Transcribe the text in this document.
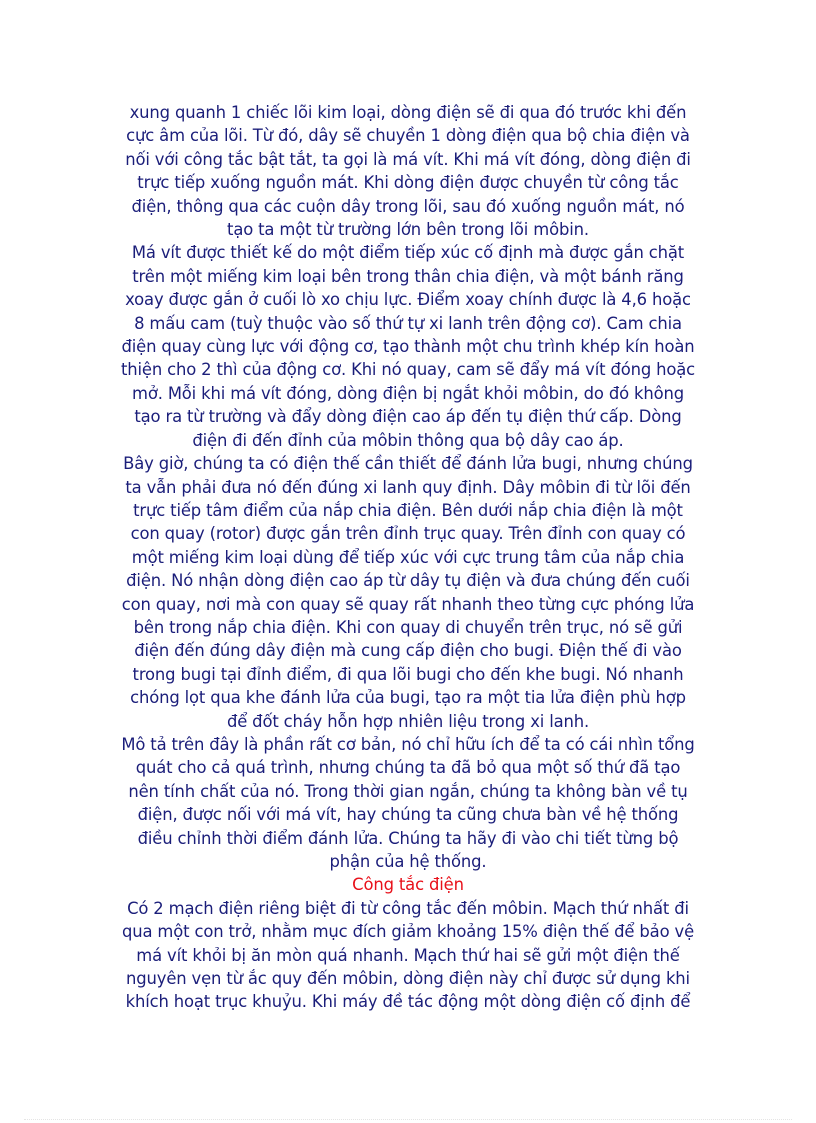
xung quanh 1 chiếc lõi kim loại, dòng điện sẽ đi qua đó trước khi đến
cực âm của lõi. Từ đó, dây sẽ chuyền 1 dòng điện qua bộ chia điện và
nối với công tắc bật tắt, ta gọi là má vít. Khi má vít đóng, dòng điện đi
trực tiếp xuống nguồn mát. Khi dòng điện được chuyền từ công tắc
điện, thông qua các cuộn dây trong lõi, sau đó xuống nguồn mát, nó
tạo ta một từ trường lớn bên trong lõi môbin.
Má vít được thiết kế do một điểm tiếp xúc cố định mà được gắn chặt
trên một miếng kim loại bên trong thân chia điện, và một bánh răng
xoay được gắn ở cuối lò xo chịu lực. Điểm xoay chính được là 4,6 hoặc
8 mấu cam (tuỳ thuộc vào số thứ tự xi lanh trên động cơ). Cam chia
điện quay cùng lực với động cơ, tạo thành một chu trình khép kín hoàn
thiện cho 2 thì của động cơ. Khi nó quay, cam sẽ đẩy má vít đóng hoặc
mở. Mỗi khi má vít đóng, dòng điện bị ngắt khỏi môbin, do đó không
tạo ra từ trường và đẩy dòng điện cao áp đến tụ điện thứ cấp. Dòng
điện đi đến đỉnh của môbin thông qua bộ dây cao áp.
Bây giờ, chúng ta có điện thế cần thiết để đánh lửa bugi, nhưng chúng
ta vẫn phải đưa nó đến đúng xi lanh quy định. Dây môbin đi từ lõi đến
trực tiếp tâm điểm của nắp chia điện. Bên dưới nắp chia điện là một
con quay (rotor) được gắn trên đỉnh trục quay. Trên đỉnh con quay có
một miếng kim loại dùng để tiếp xúc với cực trung tâm của nắp chia
điện. Nó nhận dòng điện cao áp từ dây tụ điện và đưa chúng đến cuối
con quay, nơi mà con quay sẽ quay rất nhanh theo từng cực phóng lửa
bên trong nắp chia điện. Khi con quay di chuyển trên trục, nó sẽ gửi
điện đến đúng dây điện mà cung cấp điện cho bugi. Điện thế đi vào
trong bugi tại đỉnh điểm, đi qua lõi bugi cho đến khe bugi. Nó nhanh
chóng lọt qua khe đánh lửa của bugi, tạo ra một tia lửa điện phù hợp
để đốt cháy hỗn hợp nhiên liệu trong xi lanh.
Mô tả trên đây là phần rất cơ bản, nó chỉ hữu ích để ta có cái nhìn tổng
quát cho cả quá trình, nhưng chúng ta đã bỏ qua một số thứ đã tạo
nên tính chất của nó. Trong thời gian ngắn, chúng ta không bàn về tụ
điện, được nối với má vít, hay chúng ta cũng chưa bàn về hệ thống
điều chỉnh thời điểm đánh lửa. Chúng ta hãy đi vào chi tiết từng bộ
phận của hệ thống.
Công tắc điện
Có 2 mạch điện riêng biệt đi từ công tắc đến môbin. Mạch thứ nhất đi
qua một con trở, nhằm mục đích giảm khoảng 15% điện thế để bảo vệ
má vít khỏi bị ăn mòn quá nhanh. Mạch thứ hai sẽ gửi một điện thế
nguyên vẹn từ ắc quy đến môbin, dòng điện này chỉ được sử dụng khi
khích hoạt trục khuỷu. Khi máy đề tác động một dòng điện cố định để
